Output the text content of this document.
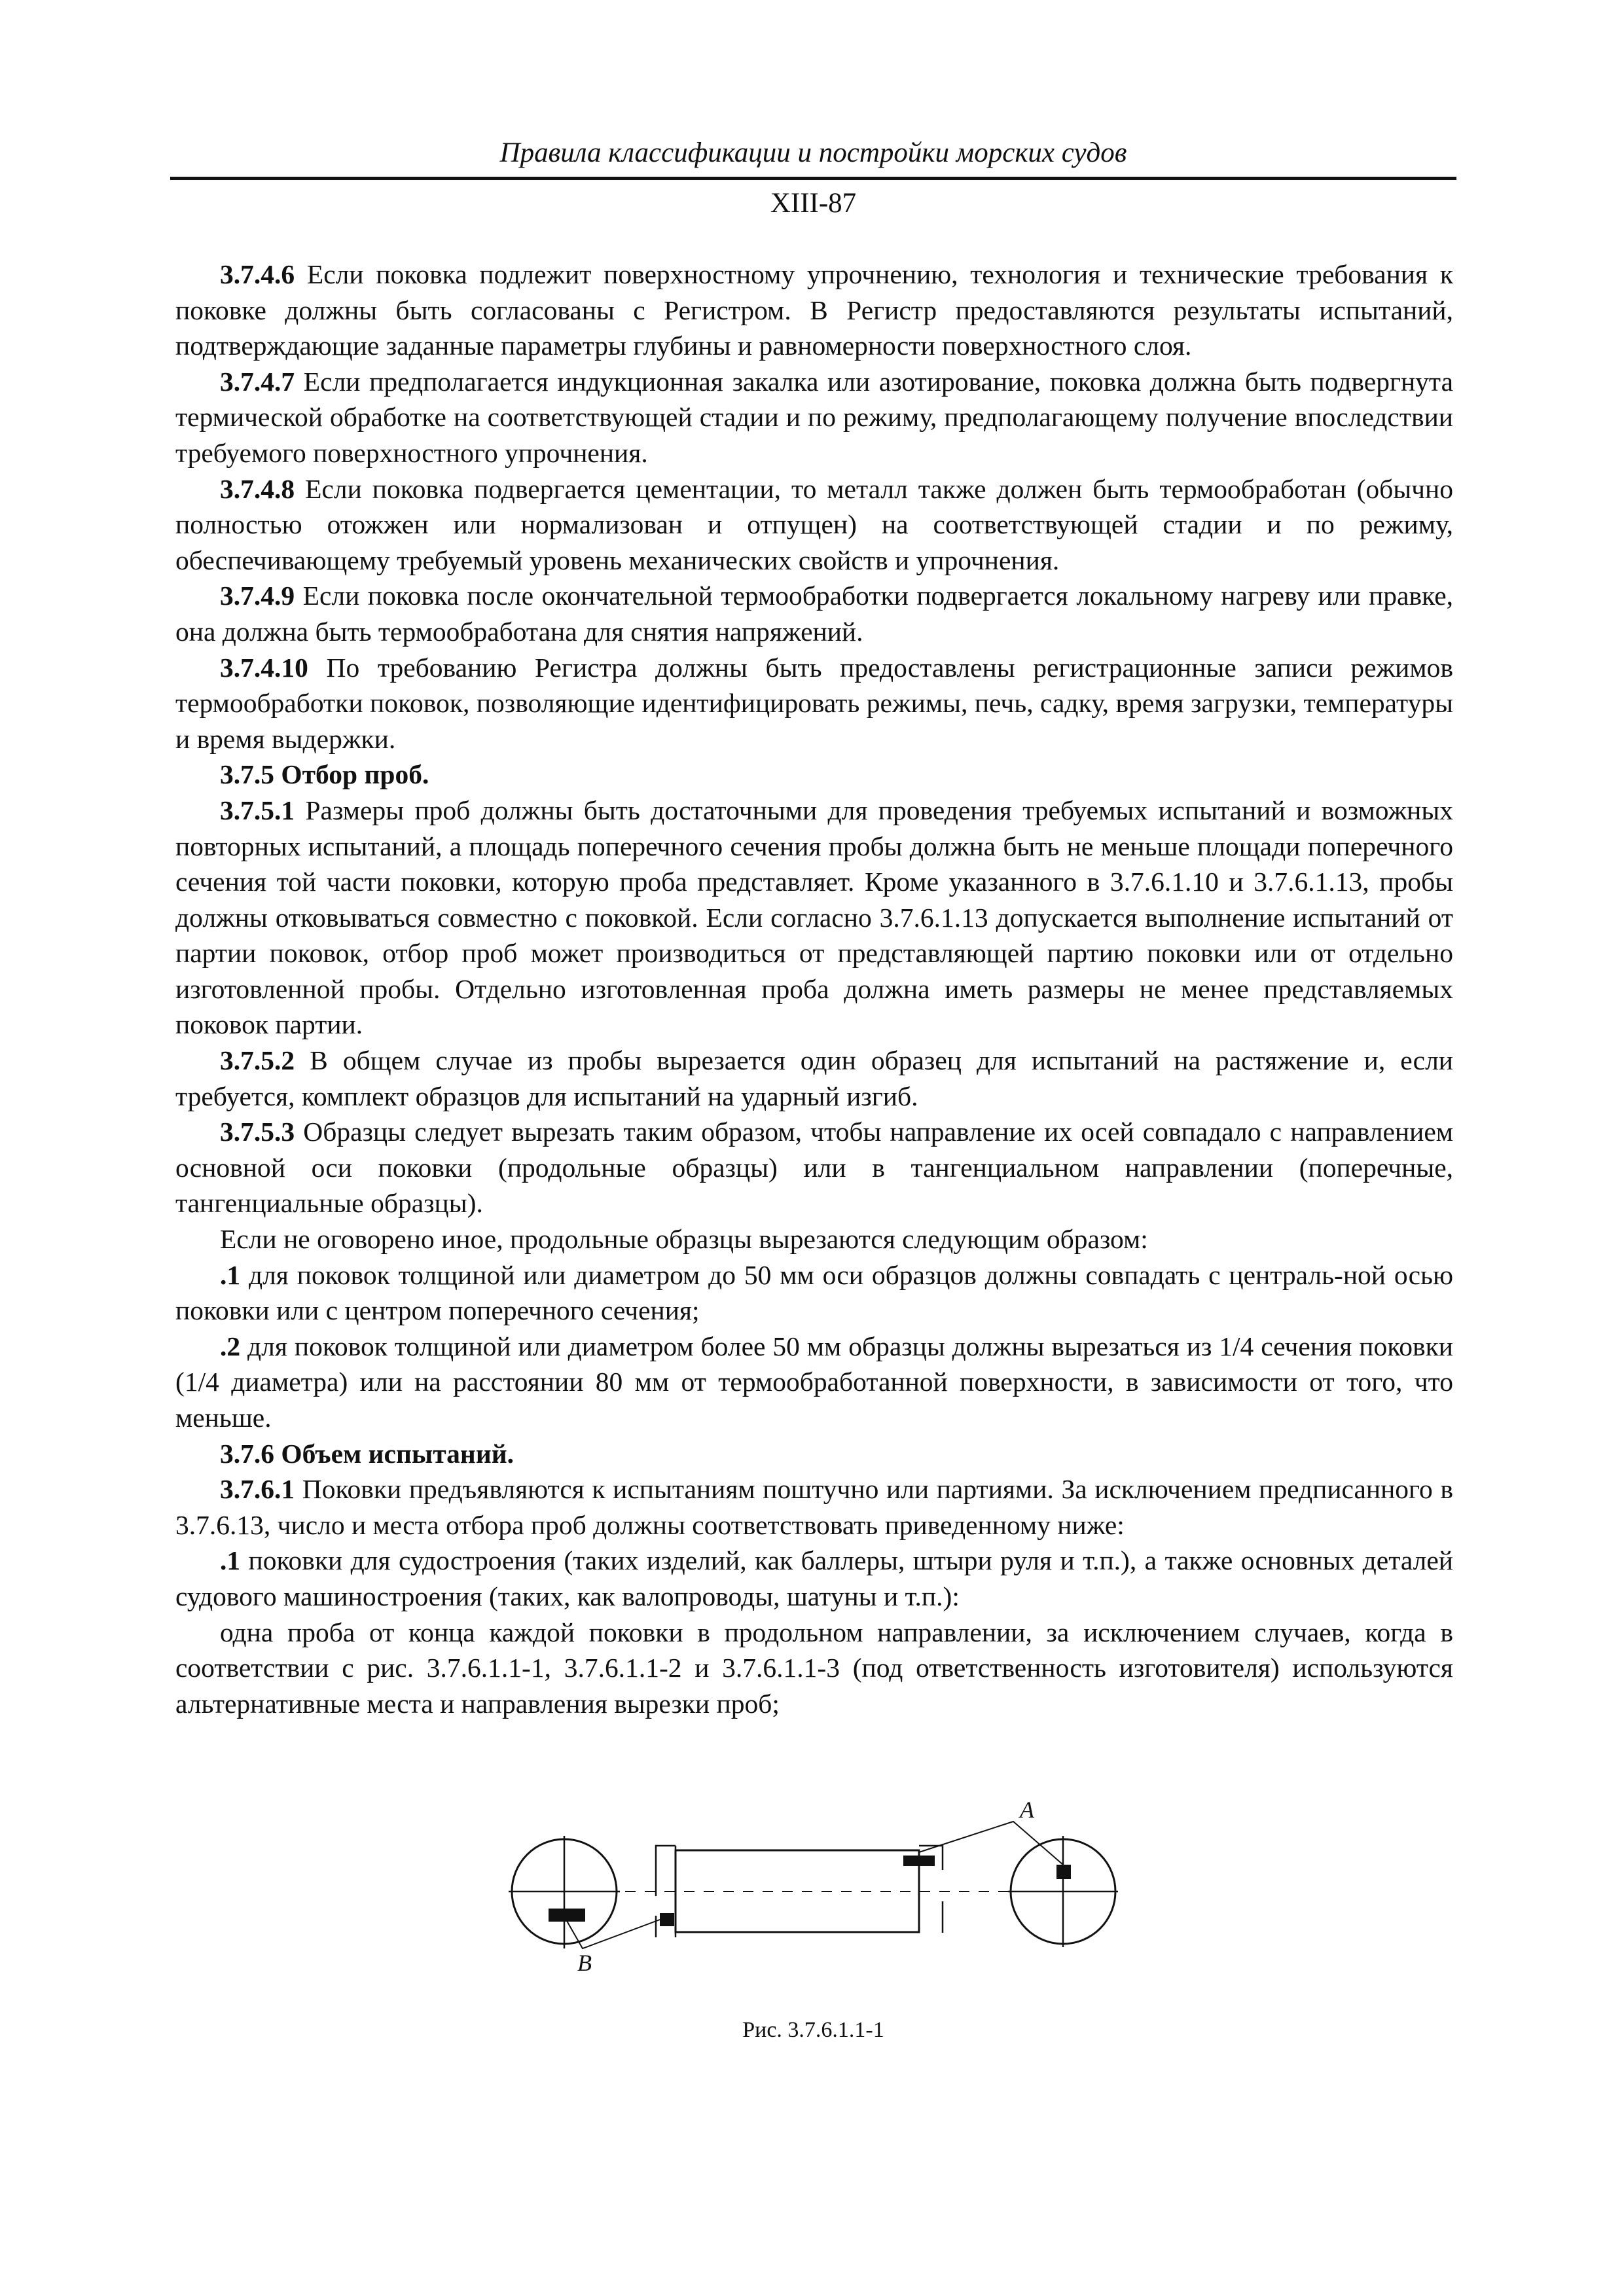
Правила классификации и постройки морских судов
XIII-87

3.7.4.6 Если поковка подлежит поверхностному упрочнению, технология и технические требования к поковке должны быть согласованы с Регистром. В Регистр предоставляются результаты испытаний, подтверждающие заданные параметры глубины и равномерности поверхностного слоя.

3.7.4.7 Если предполагается индукционная закалка или азотирование, поковка должна быть подвергнута термической обработке на соответствующей стадии и по режиму, предполагающему получение впоследствии требуемого поверхностного упрочнения.

3.7.4.8 Если поковка подвергается цементации, то металл также должен быть термообработан (обычно полностью отожжен или нормализован и отпущен) на соответствующей стадии и по режиму, обеспечивающему требуемый уровень механических свойств и упрочнения.

3.7.4.9 Если поковка после окончательной термообработки подвергается локальному нагреву или правке, она должна быть термообработана для снятия напряжений.

3.7.4.10 По требованию Регистра должны быть предоставлены регистрационные записи режимов термообработки поковок, позволяющие идентифицировать режимы, печь, садку, время загрузки, температуры и время выдержки.

3.7.5 Отбор проб.

3.7.5.1 Размеры проб должны быть достаточными для проведения требуемых испытаний и возможных повторных испытаний, а площадь поперечного сечения пробы должна быть не меньше площади поперечного сечения той части поковки, которую проба представляет. Кроме указанного в 3.7.6.1.10 и 3.7.6.1.13, пробы должны отковываться совместно с поковкой. Если согласно 3.7.6.1.13 допускается выполнение испытаний от партии поковок, отбор проб может производиться от представляющей партию поковки или от отдельно изготовленной пробы. Отдельно изготовленная проба должна иметь размеры не менее представляемых поковок партии.

3.7.5.2 В общем случае из пробы вырезается один образец для испытаний на растяжение и, если требуется, комплект образцов для испытаний на ударный изгиб.

3.7.5.3 Образцы следует вырезать таким образом, чтобы направление их осей совпадало с направлением основной оси поковки (продольные образцы) или в тангенциальном направлении (поперечные, тангенциальные образцы).

Если не оговорено иное, продольные образцы вырезаются следующим образом:

.1 для поковок толщиной или диаметром до 50 мм оси образцов должны совпадать с централь-ной осью поковки или с центром поперечного сечения;

.2 для поковок толщиной или диаметром более 50 мм образцы должны вырезаться из 1/4 сечения поковки (1/4 диаметра) или на расстоянии 80 мм от термообработанной поверхности, в зависимости от того, что меньше.

3.7.6 Объем испытаний.

3.7.6.1 Поковки предъявляются к испытаниям поштучно или партиями. За исключением предписанного в 3.7.6.13, число и места отбора проб должны соответствовать приведенному ниже:

.1 поковки для судостроения (таких изделий, как баллеры, штыри руля и т.п.), а также основных деталей судового машиностроения (таких, как валопроводы, шатуны и т.п.):

одна проба от конца каждой поковки в продольном направлении, за исключением случаев, когда в соответствии с рис. 3.7.6.1.1-1, 3.7.6.1.1-2 и 3.7.6.1.1-3 (под ответственность изготовителя) используются альтернативные места и направления вырезки проб;

A
B
Рис. 3.7.6.1.1-1
